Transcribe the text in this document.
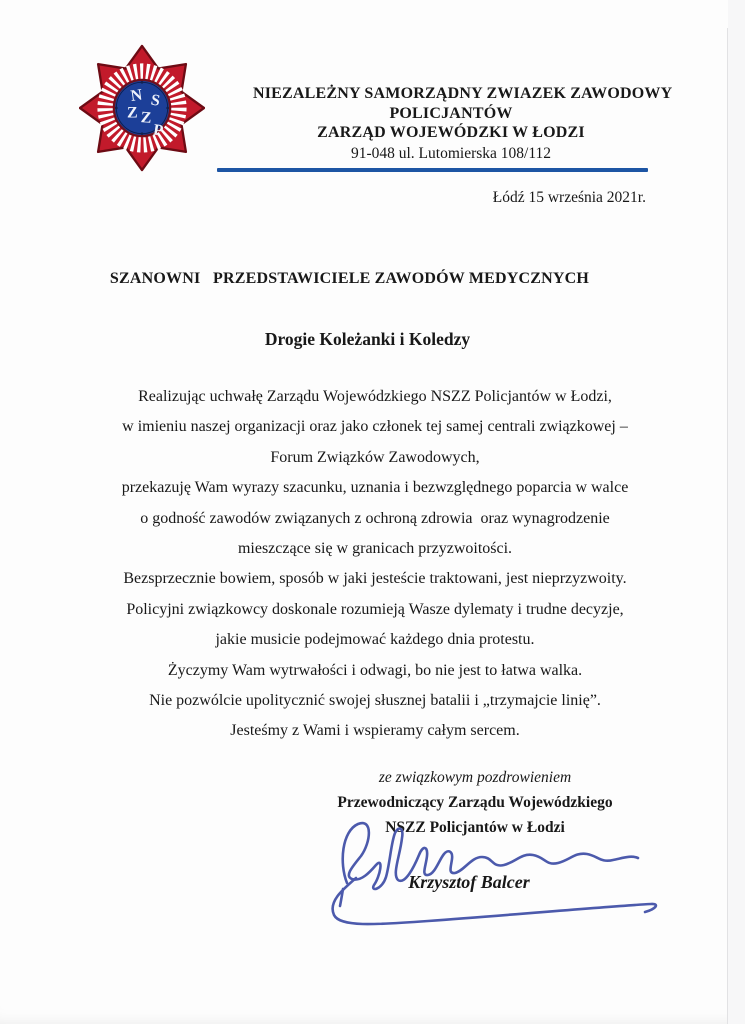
N S
Z Z
P
NIEZALEŻNY SAMORZĄDNY ZWIAZEK ZAWODOWY
POLICJANTÓW
ZARZĄD WOJEWÓDZKI W ŁODZI
91-048 ul. Lutomierska 108/112
Łódź 15 września 2021r.
SZANOWNI   PRZEDSTAWICIELE ZAWODÓW MEDYCZNYCH
Drogie Koleżanki i Koledzy

Realizując uchwałę Zarządu Wojewódzkiego NSZZ Policjantów w Łodzi,

w imieniu naszej organizacji oraz jako członek tej samej centrali związkowej –

Forum Związków Zawodowych,

przekazuję Wam wyrazy szacunku, uznania i bezwzględnego poparcia w walce

o godność zawodów związanych z ochroną zdrowia  oraz wynagrodzenie

mieszczące się w granicach przyzwoitości.

Bezsprzecznie bowiem, sposób w jaki jesteście traktowani, jest nieprzyzwoity.

Policyjni związkowcy doskonale rozumieją Wasze dylematy i trudne decyzje,

jakie musicie podejmować każdego dnia protestu.

Życzymy Wam wytrwałości i odwagi, bo nie jest to łatwa walka.

Nie pozwólcie upolitycznić swojej słusznej batalii i „trzymajcie linię”.

Jesteśmy z Wami i wspieramy całym sercem.

ze związkowym pozdrowieniem
Przewodniczący Zarządu Wojewódzkiego
NSZZ Policjantów w Łodzi
Krzysztof Balcer
